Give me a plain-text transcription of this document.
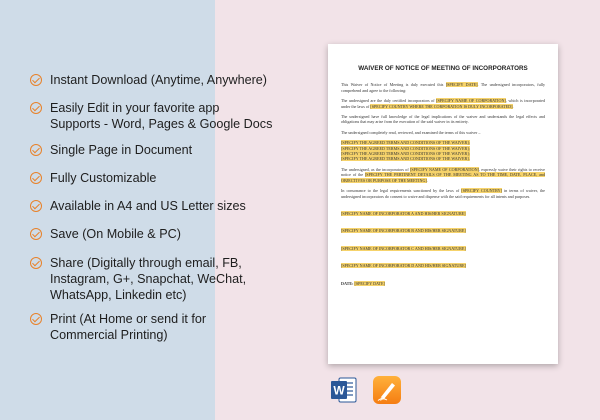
Instant Download (Anytime, Anywhere)
Easily Edit in your favorite app
Supports - Word, Pages & Google Docs
Single Page in Document
Fully Customizable
Available in A4 and US Letter sizes
Save (On Mobile & PC)
Share (Digitally through email, FB,
Instagram, G+, Snapchat, WeChat,
WhatsApp, Linkedin etc)
Print (At Home or send it for
Commercial Printing)
WAIVER OF NOTICE OF MEETING OF INCORPORATORS

This Waiver of Notice of Meeting is duly executed this [SPECIFY DATE]. The undersigned incorporators, fully comprehend and agree to the following:

The undersigned are the duly certified incorporators of [SPECIFY NAME OF CORPORATION], which is incorporated under the laws of [SPECIFY COUNTRY WHERE THE CORPORATION IS DULY INCORPORATED].

The undersigned have full knowledge of the legal implications of the waiver and understands the legal effects and obligations that may arise from the execution of the said waiver in its entirety.

The undersigned completely read, reviewed, and examined the terms of this waiver –

[SPECIFY THE AGREED TERMS AND CONDITIONS OF THE WAIVER];
[SPECIFY THE AGREED TERMS AND CONDITIONS OF THE WAIVER];
[SPECIFY THE AGREED TERMS AND CONDITIONS OF THE WAIVER];
[SPECIFY THE AGREED TERMS AND CONDITIONS OF THE WAIVER].

The undersigned, as the incorporators of [SPECIFY NAME OF CORPORATION], expressly waive their rights to receive notice of the [SPECIFY THE PERTINENT DETAILS OF THE MEETING AS TO THE TIME, DATE, PLACE, and OBJECTIVES OR PURPOSE OF THE MEETING].

In consonance to the legal requirements sanctioned by the laws of [SPECIFY COUNTRY] in terms of waiver, the undersigned incorporators do consent to waive and dispense with the said requirements for all intents and purposes.

[SPECIFY NAME OF INCORPORATOR A AND HIS/HER SIGNATURE]

[SPECIFY NAME OF INCORPORATOR B AND HIS/HER SIGNATURE]

[SPECIFY NAME OF INCORPORATOR C AND HIS/HER SIGNATURE]

[SPECIFY NAME OF INCORPORATOR D AND HIS/HER SIGNATURE]

DATE: [SPECIFY DATE]

W
